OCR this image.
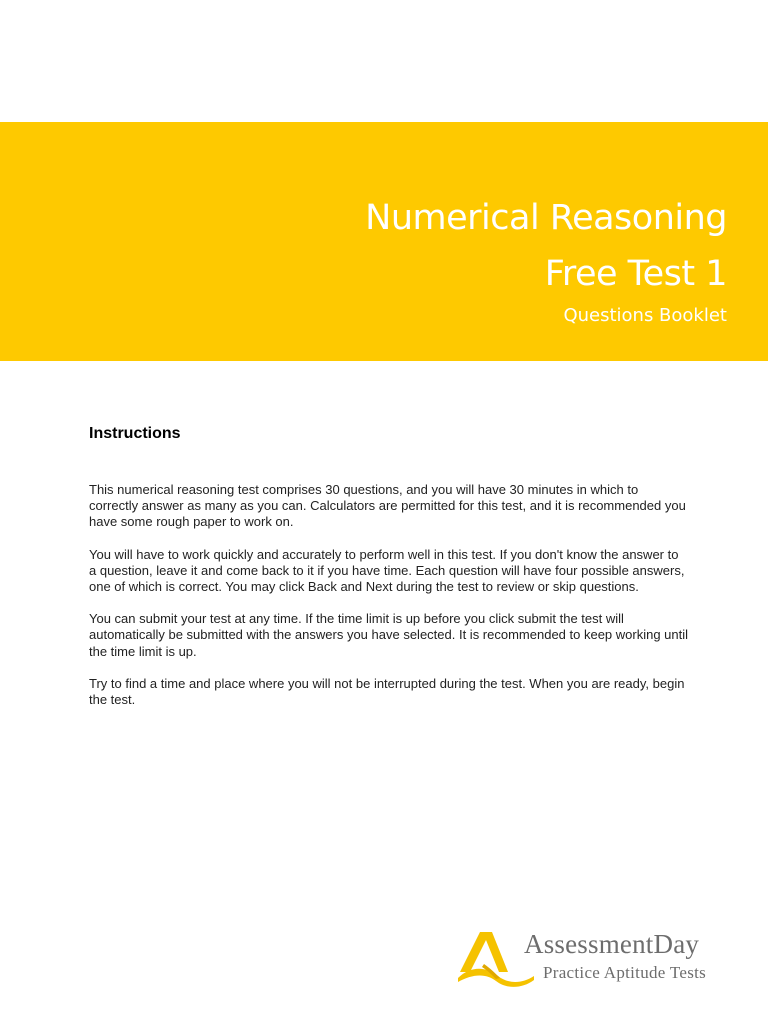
Numerical Reasoning
Free Test 1
Questions Booklet
Instructions

This numerical reasoning test comprises 30 questions, and you will have 30 minutes in which to correctly answer as many as you can. Calculators are permitted for this test, and it is recommended you have some rough paper to work on.

You will have to work quickly and accurately to perform well in this test. If you don't know the answer to a question, leave it and come back to it if you have time. Each question will have four possible answers, one of which is correct. You may click Back and Next during the test to review or skip questions.

You can submit your test at any time. If the time limit is up before you click submit the test will automatically be submitted with the answers you have selected. It is recommended to keep working until the time limit is up.

Try to find a time and place where you will not be interrupted during the test. When you are ready, begin the test.

AssessmentDay
Practice Aptitude Tests
